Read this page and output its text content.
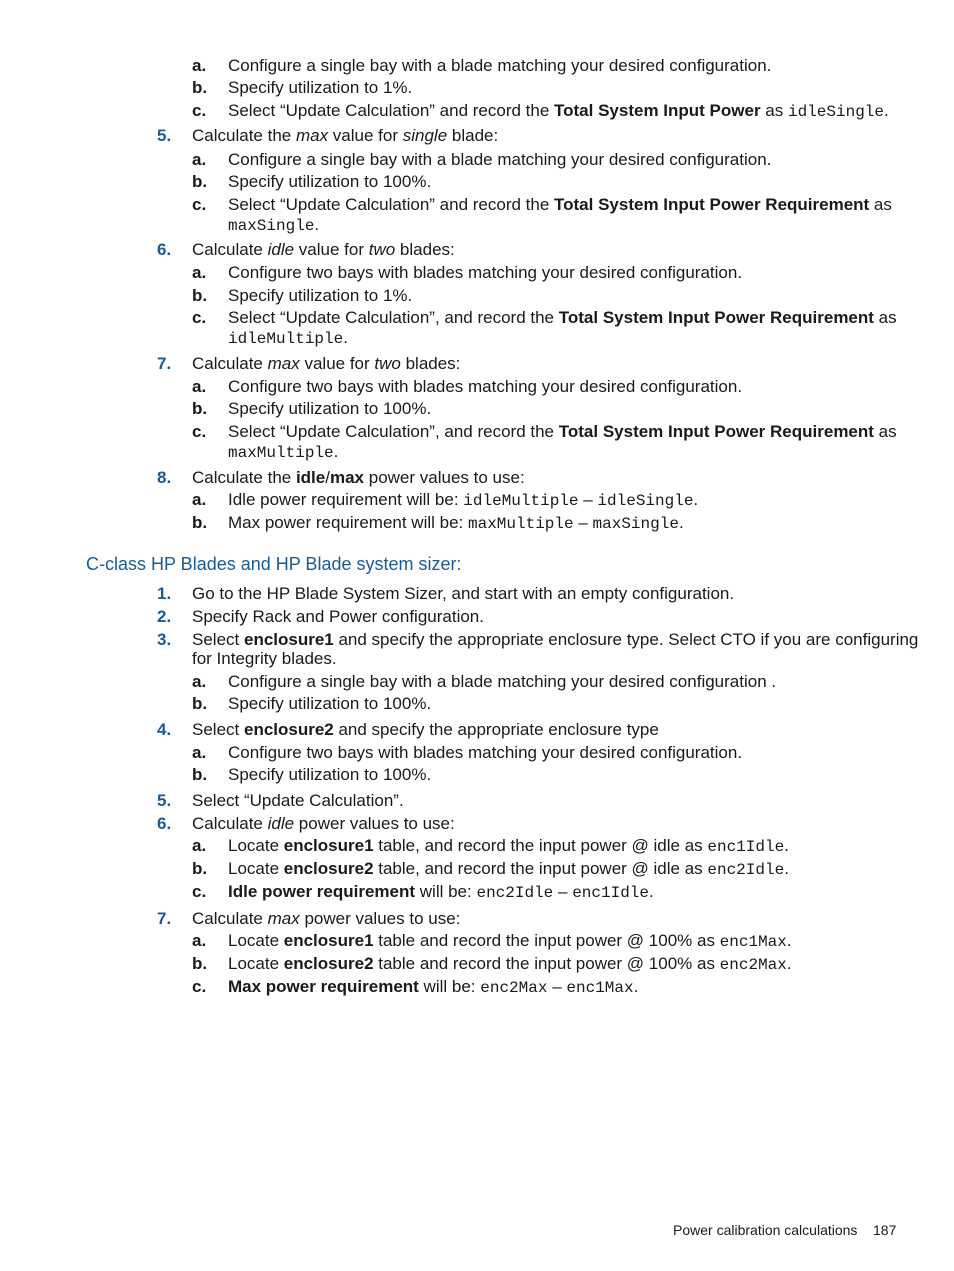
a. Configure a single bay with a blade matching your desired configuration.
b. Specify utilization to 1%.
c. Select “Update Calculation” and record the Total System Input Power as idleSingle.
5. Calculate the max value for single blade:
a. Configure a single bay with a blade matching your desired configuration.
b. Specify utilization to 100%.
c. Select “Update Calculation” and record the Total System Input Power Requirement as
maxSingle.
6. Calculate idle value for two blades:
a. Configure two bays with blades matching your desired configuration.
b. Specify utilization to 1%.
c. Select “Update Calculation”, and record the Total System Input Power Requirement as
idleMultiple.
7. Calculate max value for two blades:
a. Configure two bays with blades matching your desired configuration.
b. Specify utilization to 100%.
c. Select “Update Calculation”, and record the Total System Input Power Requirement as
maxMultiple.
8. Calculate the idle/max power values to use:
a. Idle power requirement will be: idleMultiple – idleSingle.
b. Max power requirement will be: maxMultiple – maxSingle.
C-class HP Blades and HP Blade system sizer:
1. Go to the HP Blade System Sizer, and start with an empty configuration.
2. Specify Rack and Power configuration.
3. Select enclosure1 and specify the appropriate enclosure type. Select CTO if you are configuring
for Integrity blades.
a. Configure a single bay with a blade matching your desired configuration .
b. Specify utilization to 100%.
4. Select enclosure2 and specify the appropriate enclosure type
a. Configure two bays with blades matching your desired configuration.
b. Specify utilization to 100%.
5. Select “Update Calculation”.
6. Calculate idle power values to use:
a. Locate enclosure1 table, and record the input power @ idle as enc1Idle.
b. Locate enclosure2 table, and record the input power @ idle as enc2Idle.
c. Idle power requirement will be: enc2Idle – enc1Idle.
7. Calculate max power values to use:
a. Locate enclosure1 table and record the input power @ 100% as enc1Max.
b. Locate enclosure2 table and record the input power @ 100% as enc2Max.
c. Max power requirement will be: enc2Max – enc1Max.
Power calibration calculations 187
